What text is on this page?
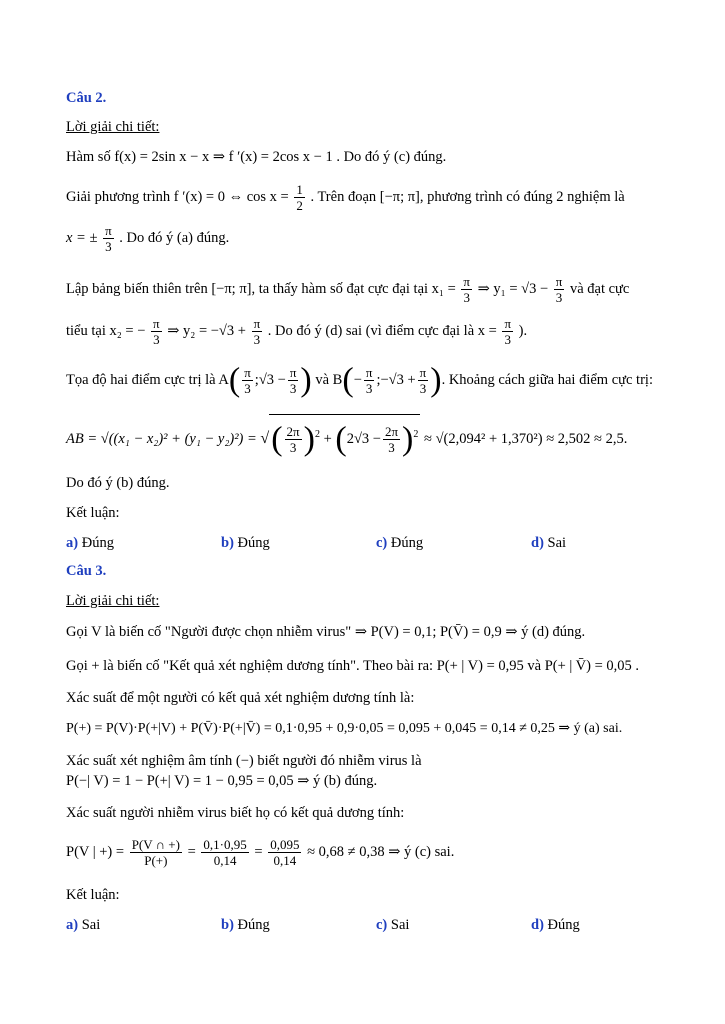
Câu 2.
Lời giải chi tiết:
Hàm số f(x) = 2sin x − x ⇒ f ′(x) = 2cos x − 1 . Do đó ý (c) đúng.
Giải phương trình f ′(x) = 0 ⇔ $\cos x = \frac{1}{2}$ . Trên đoạn [−π; π], phương trình có đúng 2 nghiệm là
x = ± $\frac{\pi}{3}$ . Do đó ý (a) đúng.
Lập bảng biến thiên trên [−π; π], ta thấy hàm số đạt cực đại tại $x_1 = \frac{\pi}{3}$ ⇒ $y_1 = √3 - \frac{\pi}{3}$ và đạt cực
tiểu tại x₂ = − $\frac{\pi}{3}$ ⇒ $y_2 = -√3 + \frac{\pi}{3}$ . Do đó ý (d) sai (vì điểm cực đại là $x = \frac{\pi}{3}$ ).
Tọa độ hai điểm cực trị là $A( \frac{\pi}{3}$ ;√3 − $\frac{\pi}{3}$ ) và $B(- \frac{\pi}{3}$ ;−√3 + $\frac{\pi}{3}$ ). Khoảng cách giữa hai điểm cực trị:
AB = √((x₁ − x₂)² + (y₁ − y₂)²) = √( $\frac{2\pi}{3} )^2 + (2√3 - \frac{2\pi}{3} )^2 \approx √(2,094^2 + 1,370^2) \approx 2,502 \approx 2,5$.
Do đó ý (b) đúng.
Kết luận:
a) Đúng	b) Đúng	c) Đúng	d) Sai
Câu 3.
Lời giải chi tiết:
Gọi V là biến cố "Người được chọn nhiễm virus" ⇒ P(V) = 0,1; P(V̄) = 0,9 ⇒ ý (d) đúng.
Gọi + là biến cố "Kết quả xét nghiệm dương tính". Theo bài ra: P(+ | V) = 0,95 và P(+ | V̄) = 0,05 .
Xác suất để một người có kết quả xét nghiệm dương tính là:
P(+) = P(V)·P(+|V) + P(V̄)·P(+|V̄) = 0,1·0,95 + 0,9·0,05 = 0,095 + 0,045 = 0,14 ≠ 0,25 ⇒ ý (a) sai.
Xác suất xét nghiệm âm tính (−) biết người đó nhiễm virus là
P(−| V) = 1 − P(+| V) = 1 − 0,95 = 0,05 ⇒ ý (b) đúng.
Xác suất người nhiễm virus biết họ có kết quả dương tính:
P(V | +) = $\frac{P(V \cap +)}{P(+)} = \frac{0,1\cdot 0,95}{0,14} = \frac{0,095}{0,14} \approx 0,68 \ne 0,38$ ⇒ ý (c) sai.
Kết luận:
a) Sai	b) Đúng	c) Sai	d) Đúng
